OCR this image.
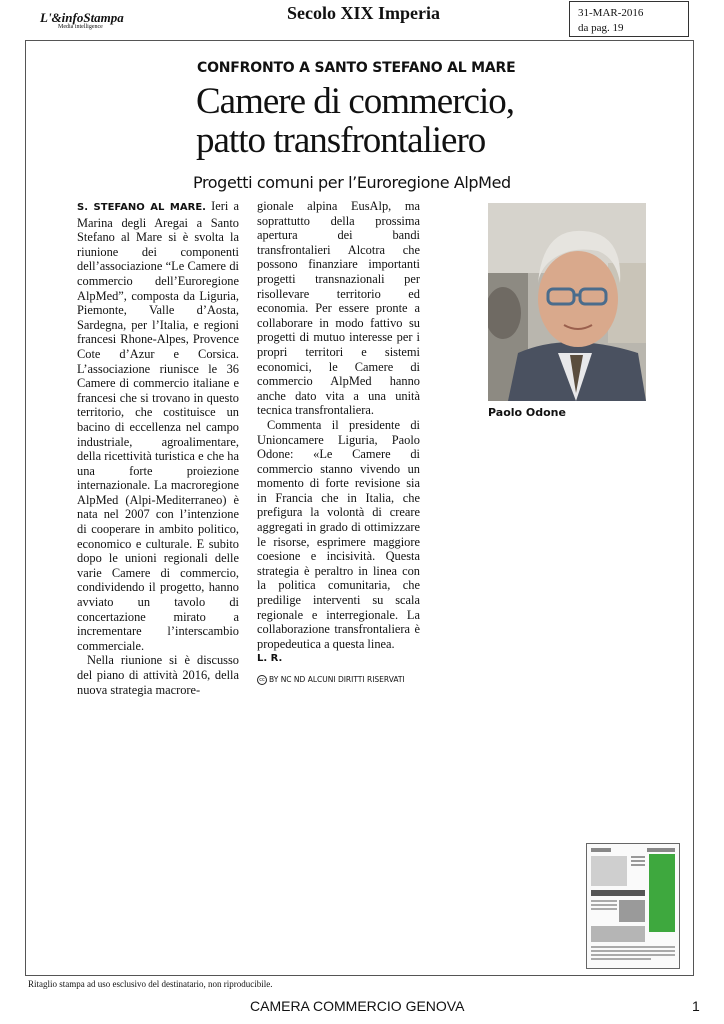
L'&infoStampa
Media intelligence
Secolo XIX Imperia	31-MAR-2016
da pag. 19
CONFRONTO A SANTO STEFANO AL MARE
Camere di commercio,
patto transfrontaliero
Progetti comuni per l’Euroregione AlpMed

S. STEFANO AL MARE. Ieri a Marina degli Aregai a Santo Stefano al Mare si è svolta la riunione dei componenti dell’associazione “Le Camere di commercio dell’Euroregione AlpMed”, composta da Liguria, Piemonte, Valle d’Aosta, Sardegna, per l’Italia, e regioni francesi Rhone-Alpes, Provence Cote d’Azur e Corsica. L’associazione riunisce le 36 Camere di commercio italiane e francesi che si trovano in questo territorio, che costituisce un bacino di eccellenza nel campo industriale, agroalimentare, della ricettività turistica e che ha una forte proiezione internazionale. La macroregione AlpMed (Alpi-Mediterraneo) è nata nel 2007 con l’intenzione di cooperare in ambito politico, economico e culturale. E subito dopo le unioni regionali delle varie Camere di commercio, condividendo il progetto, hanno avviato un tavolo di concertazione mirato a incrementare l’interscambio commerciale.

Nella riunione si è discusso del piano di attività 2016, della nuova strategia macrore-

gionale alpina EusAlp, ma soprattutto della prossima apertura dei bandi transfrontalieri Alcotra che possono finanziare importanti progetti transnazionali per risollevare territorio ed economia. Per essere pronte a collaborare in modo fattivo su progetti di mutuo interesse per i propri territori e sistemi economici, le Camere di commercio AlpMed hanno anche dato vita a una unità tecnica transfrontaliera.

Commenta il presidente di Unioncamere Liguria, Paolo Odone: «Le Camere di commercio stanno vivendo un momento di forte revisione sia in Francia che in Italia, che prefigura la volontà di creare aggregati in grado di ottimizzare le risorse, esprimere maggiore coesione e incisività. Questa strategia è peraltro in linea con la politica comunitaria, che predilige interventi su scala regionale e interregionale. La collaborazione transfrontaliera è propedeutica a questa linea.

L. R.
cc BY NC ND ALCUNI DIRITTI RISERVATI
Paolo Odone
Ritaglio stampa ad uso esclusivo del destinatario, non riproducibile.
CAMERA COMMERCIO GENOVA	1
